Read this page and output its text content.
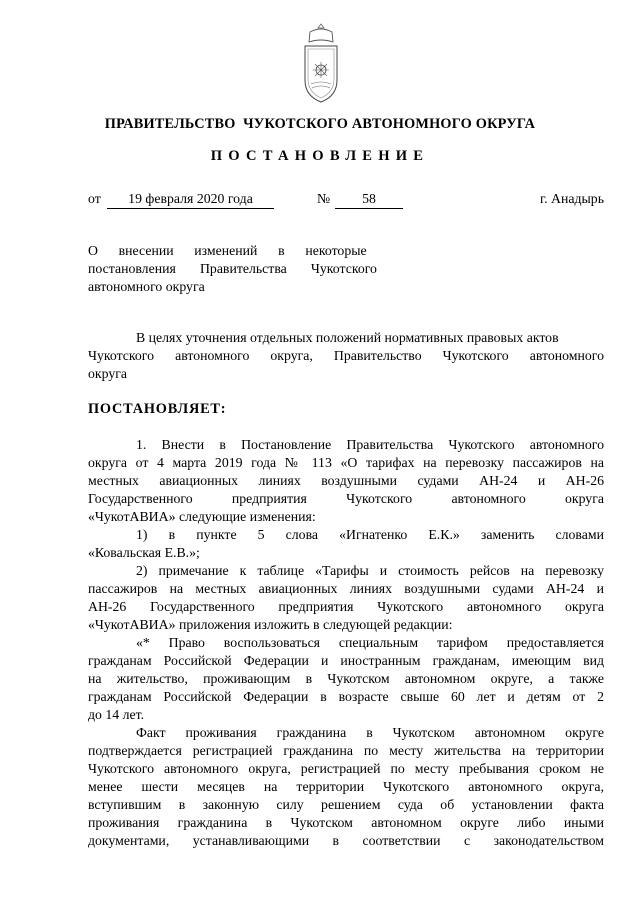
ПРАВИТЕЛЬСТВО  ЧУКОТСКОГО АВТОНОМНОГО ОКРУГА
ПОСТАНОВЛЕНИЕ
от	19 февраля 2020 года	№	58	г. Анадырь
О      внесении      изменений      в      некоторые
постановления       Правительства       Чукотского
автономного округа
В целях уточнения отдельных положений нормативных правовых актов
Чукотского автономного округа, Правительство Чукотского автономного
округа
ПОСТАНОВЛЯЕТ:
1. Внести в Постановление Правительства Чукотского автономного
округа от 4 марта 2019 года № 113 «О тарифах на перевозку пассажиров на
местных авиационных линиях воздушными судами АН-24 и АН-26
Государственного предприятия Чукотского автономного округа
«ЧукотАВИА» следующие изменения:
1) в пункте 5 слова «Игнатенко Е.К.» заменить словами
«Ковальская Е.В.»;
2) примечание к таблице «Тарифы и стоимость рейсов на перевозку
пассажиров на местных авиационных линиях воздушными судами АН-24 и
АН-26 Государственного предприятия Чукотского автономного округа
«ЧукотАВИА» приложения изложить в следующей редакции:
«* Право воспользоваться специальным тарифом предоставляется
гражданам Российской Федерации и иностранным гражданам, имеющим вид
на жительство, проживающим в Чукотском автономном округе, а также
гражданам Российской Федерации в возрасте свыше 60 лет и детям от 2
до 14 лет.
Факт проживания гражданина в Чукотском автономном округе
подтверждается регистрацией гражданина по месту жительства на территории
Чукотского автономного округа, регистрацией по месту пребывания сроком не
менее шести месяцев на территории Чукотского автономного округа,
вступившим в законную силу решением суда об установлении факта
проживания гражданина в Чукотском автономном округе либо иными
документами, устанавливающими в соответствии с законодательством
